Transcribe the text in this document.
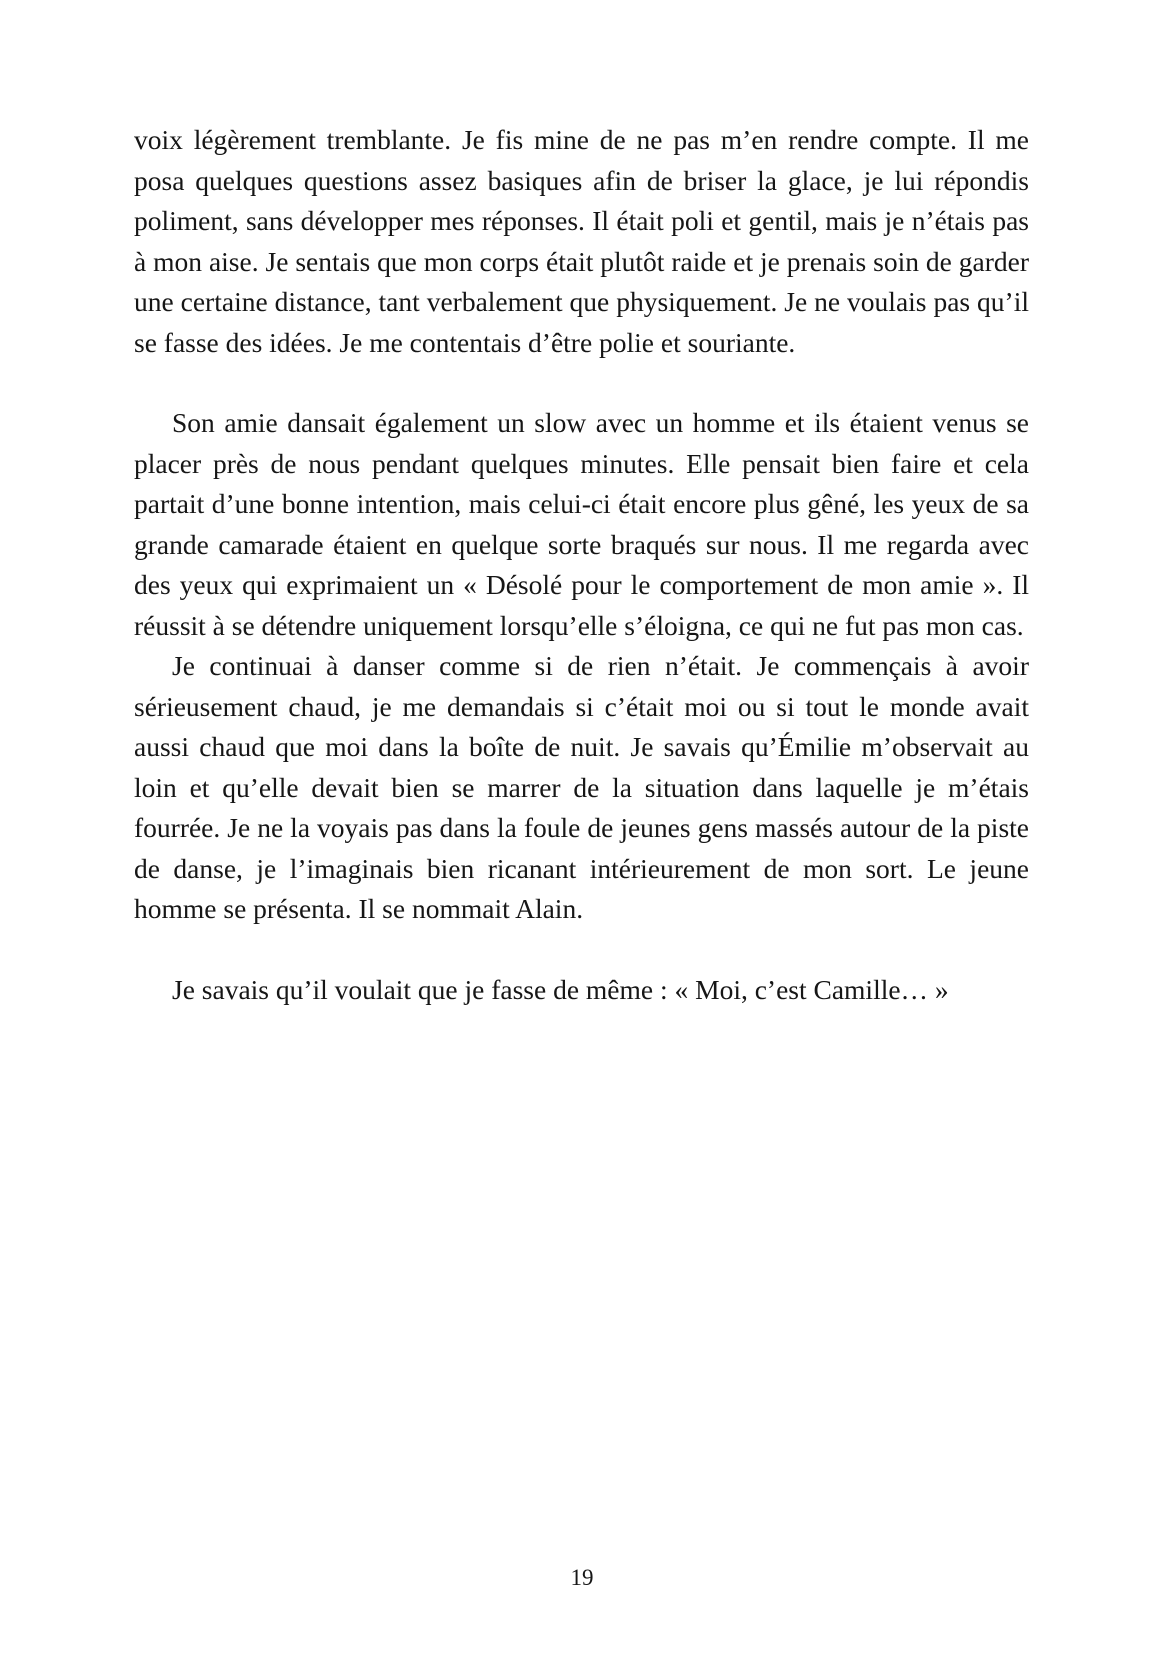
voix légèrement tremblante. Je fis mine de ne pas m’en rendre compte. Il me posa quelques questions assez basiques afin de briser la glace, je lui répondis poliment, sans développer mes réponses. Il était poli et gentil, mais je n’étais pas à mon aise. Je sentais que mon corps était plutôt raide et je prenais soin de garder une certaine distance, tant verbalement que physiquement. Je ne voulais pas qu’il se fasse des idées. Je me contentais d’être polie et souriante.

Son amie dansait également un slow avec un homme et ils étaient venus se placer près de nous pendant quelques minutes. Elle pensait bien faire et cela partait d’une bonne intention, mais celui-ci était encore plus gêné, les yeux de sa grande camarade étaient en quelque sorte braqués sur nous. Il me regarda avec des yeux qui exprimaient un « Désolé pour le comportement de mon amie ». Il réussit à se détendre uniquement lorsqu’elle s’éloigna, ce qui ne fut pas mon cas.

Je continuai à danser comme si de rien n’était. Je commençais à avoir sérieusement chaud, je me demandais si c’était moi ou si tout le monde avait aussi chaud que moi dans la boîte de nuit. Je savais qu’Émilie m’observait au loin et qu’elle devait bien se marrer de la situation dans laquelle je m’étais fourrée. Je ne la voyais pas dans la foule de jeunes gens massés autour de la piste de danse, je l’imaginais bien ricanant intérieurement de mon sort. Le jeune homme se présenta. Il se nommait Alain.

Je savais qu’il voulait que je fasse de même : « Moi, c’est Camille… »

19
